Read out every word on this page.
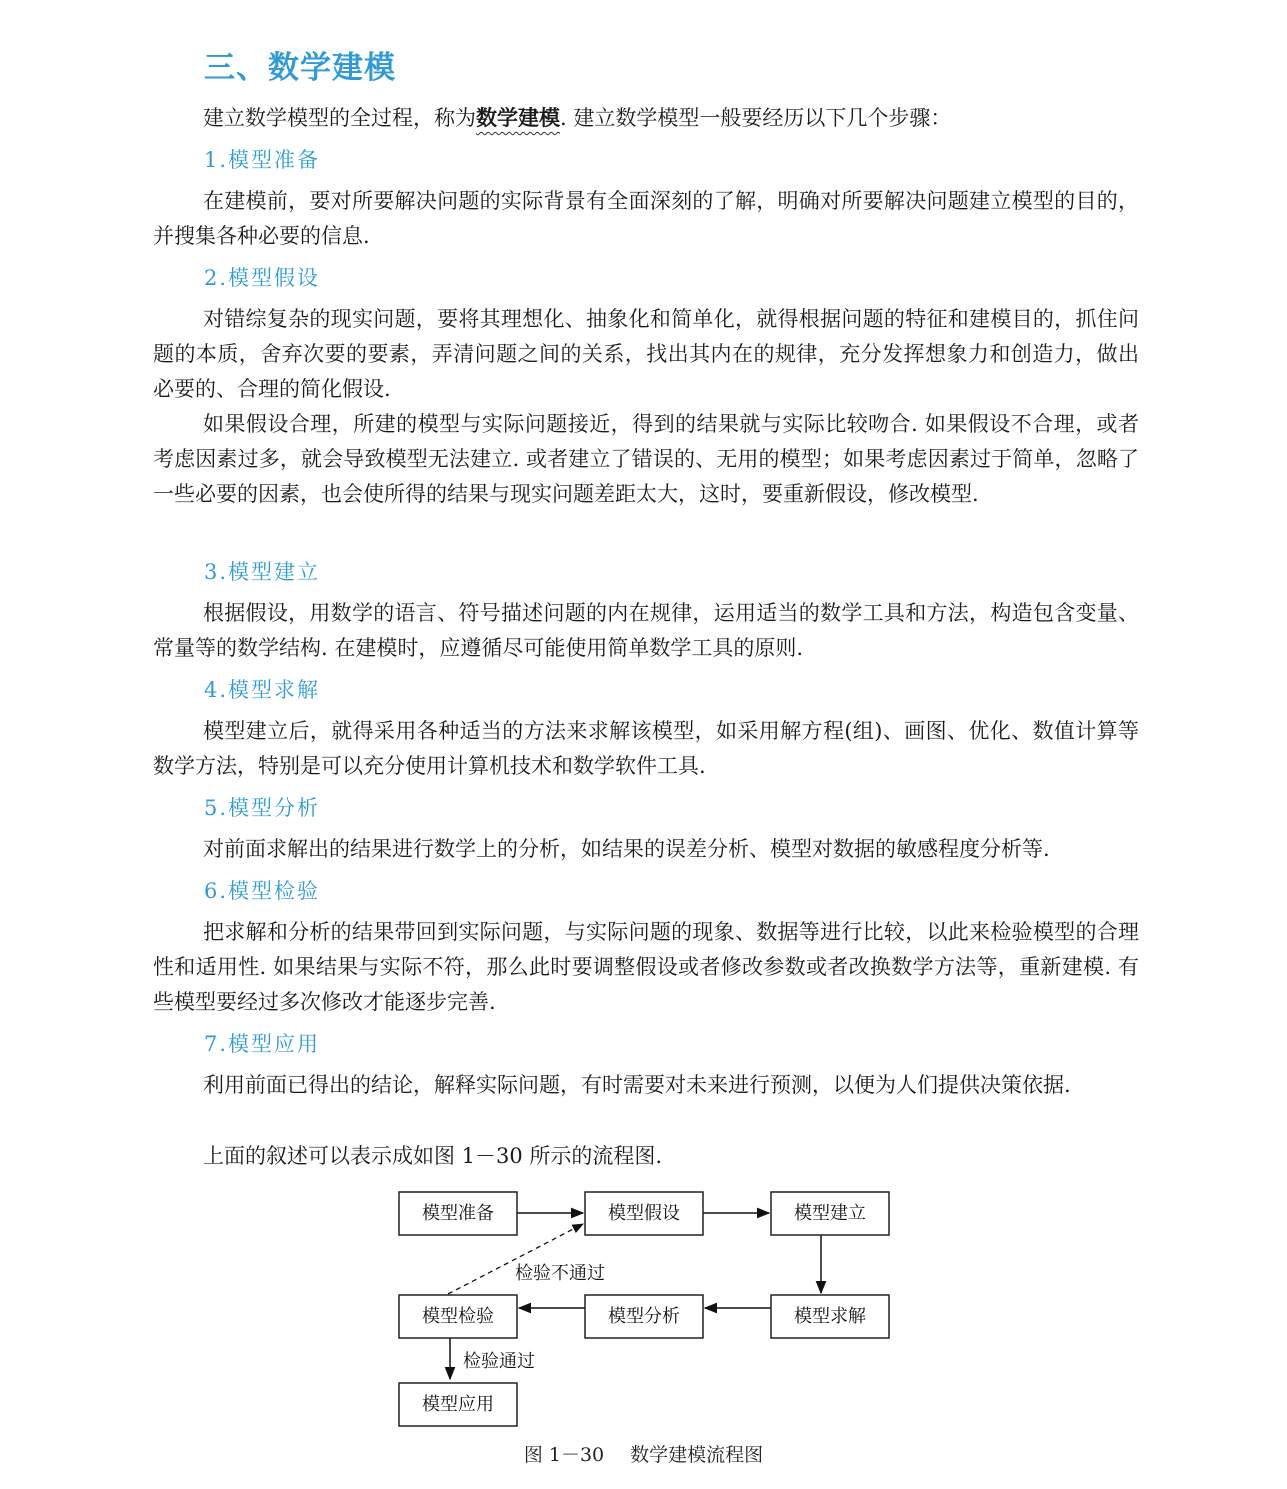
三、数学建模

建立数学模型的全过程，称为数学建模. 建立数学模型一般要经历以下几个步骤：

1.模型准备

在建模前，要对所要解决问题的实际背景有全面深刻的了解，明确对所要解决问题建立模型的目的，并搜集各种必要的信息.

2.模型假设

对错综复杂的现实问题，要将其理想化、抽象化和简单化，就得根据问题的特征和建模目的，抓住问题的本质，舍弃次要的要素，弄清问题之间的关系，找出其内在的规律，充分发挥想象力和创造力，做出必要的、合理的简化假设.

如果假设合理，所建的模型与实际问题接近，得到的结果就与实际比较吻合. 如果假设不合理，或者考虑因素过多，就会导致模型无法建立. 或者建立了错误的、无用的模型；如果考虑因素过于简单，忽略了一些必要的因素，也会使所得的结果与现实问题差距太大，这时，要重新假设，修改模型.

3.模型建立

根据假设，用数学的语言、符号描述问题的内在规律，运用适当的数学工具和方法，构造包含变量、常量等的数学结构. 在建模时，应遵循尽可能使用简单数学工具的原则.

4.模型求解

模型建立后，就得采用各种适当的方法来求解该模型，如采用解方程(组)、画图、优化、数值计算等数学方法，特别是可以充分使用计算机技术和数学软件工具.

5.模型分析

对前面求解出的结果进行数学上的分析，如结果的误差分析、模型对数据的敏感程度分析等.

6.模型检验

把求解和分析的结果带回到实际问题，与实际问题的现象、数据等进行比较，以此来检验模型的合理性和适用性. 如果结果与实际不符，那么此时要调整假设或者修改参数或者改换数学方法等，重新建模. 有些模型要经过多次修改才能逐步完善.

7.模型应用

利用前面已得出的结论，解释实际问题，有时需要对未来进行预测，以便为人们提供决策依据.

上面的叙述可以表示成如图 1－30 所示的流程图.

模型准备	模型假设	模型建立
模型求解
模型分析
模型检验
模型应用
检验不通过
检验通过
图 1－30 数学建模流程图
